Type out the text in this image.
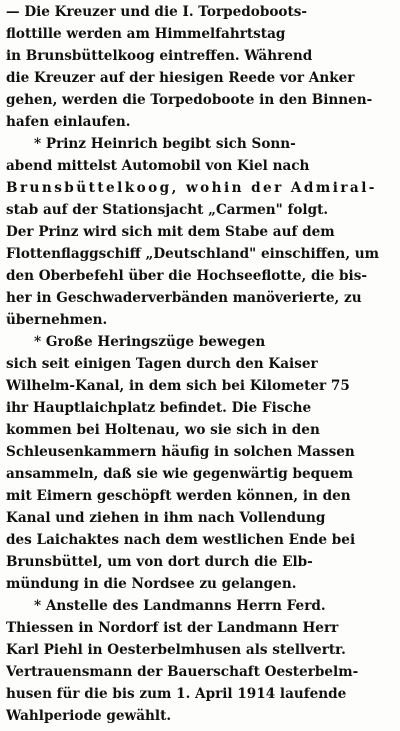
— Die Kreuzer und die I. Torpedoboots-
flottille werden am Himmelfahrtstag
in Brunsbüttelkoog eintreffen. Während
die Kreuzer auf der hiesigen Reede vor Anker
gehen, werden die Torpedoboote in den Binnen-
hafen einlaufen.
* Prinz Heinrich begibt sich Sonn-
abend mittelst Automobil von Kiel nach
Brunsbüttelkoog, wohin der Admiral-
stab auf der Stationsjacht „Carmen" folgt.
Der Prinz wird sich mit dem Stabe auf dem
Flottenflaggschiff „Deutschland" einschiffen, um
den Oberbefehl über die Hochseeflotte, die bis-
her in Geschwaderverbänden manöverierte, zu
übernehmen.
* Große Heringszüge bewegen
sich seit einigen Tagen durch den Kaiser
Wilhelm-Kanal, in dem sich bei Kilometer 75
ihr Hauptlaichplatz befindet. Die Fische
kommen bei Holtenau, wo sie sich in den
Schleusenkammern häufig in solchen Massen
ansammeln, daß sie wie gegenwärtig bequem
mit Eimern geschöpft werden können, in den
Kanal und ziehen in ihm nach Vollendung
des Laichaktes nach dem westlichen Ende bei
Brunsbüttel, um von dort durch die Elb-
mündung in die Nordsee zu gelangen.
* Anstelle des Landmanns Herrn Ferd.
Thiessen in Nordorf ist der Landmann Herr
Karl Piehl in Oesterbelmhusen als stellvertr.
Vertrauensmann der Bauerschaft Oesterbelm-
husen für die bis zum 1. April 1914 laufende
Wahlperiode gewählt.
